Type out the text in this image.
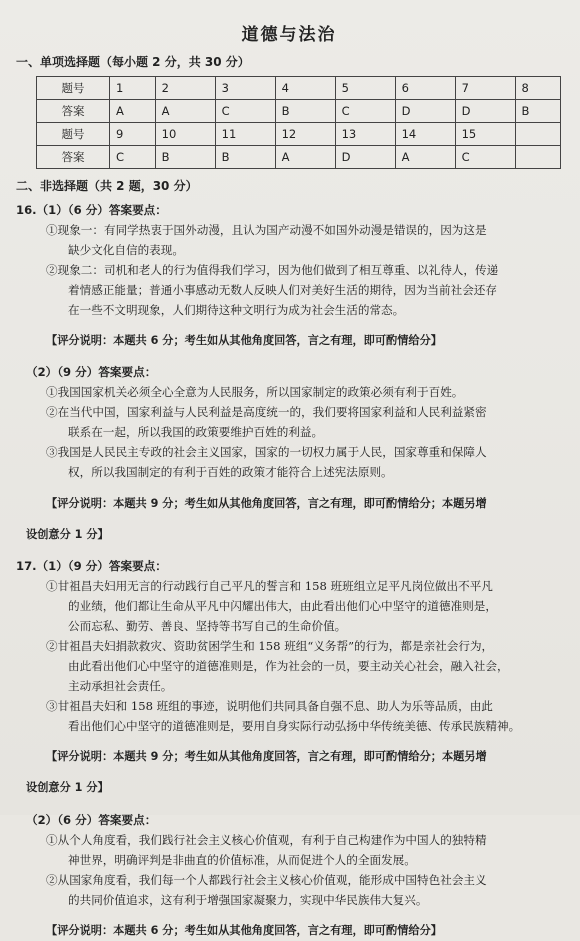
道德与法治
一、单项选择题（每小题 2 分，共 30 分）
题号	1	2	3	4	5	6	7	8
答案	A	A	C	B	C	D	D	B
题号	9	10	11	12	13	14	15	
答案	C	B	B	A	D	A	C	
二、非选择题（共 2 题，30 分）

16.（1）（6 分）答案要点：

①现象一：有同学热衷于国外动漫，且认为国产动漫不如国外动漫是错误的，因为这是

缺少文化自信的表现。

②现象二：司机和老人的行为值得我们学习，因为他们做到了相互尊重、以礼待人，传递

着情感正能量；普通小事感动无数人反映人们对美好生活的期待，因为当前社会还存

在一些不文明现象，人们期待这种文明行为成为社会生活的常态。

【评分说明：本题共 6 分；考生如从其他角度回答，言之有理，即可酌情给分】

（2）（9 分）答案要点：

①我国国家机关必须全心全意为人民服务，所以国家制定的政策必须有利于百姓。

②在当代中国，国家利益与人民利益是高度统一的，我们要将国家利益和人民利益紧密

联系在一起，所以我国的政策要维护百姓的利益。

③我国是人民民主专政的社会主义国家，国家的一切权力属于人民，国家尊重和保障人

权，所以我国制定的有利于百姓的政策才能符合上述宪法原则。

【评分说明：本题共 9 分；考生如从其他角度回答，言之有理，即可酌情给分；本题另增

设创意分 1 分】

17.（1）（9 分）答案要点：

①甘祖昌夫妇用无言的行动践行自己平凡的誓言和 158 班班组立足平凡岗位做出不平凡

的业绩，他们都让生命从平凡中闪耀出伟大，由此看出他们心中坚守的道德准则是，

公而忘私、勤劳、善良、坚持等书写自己的生命价值。

②甘祖昌夫妇捐款救灾、资助贫困学生和 158 班组“义务帮”的行为，都是亲社会行为，

由此看出他们心中坚守的道德准则是，作为社会的一员，要主动关心社会，融入社会，

主动承担社会责任。

③甘祖昌夫妇和 158 班组的事迹，说明他们共同具备自强不息、助人为乐等品质，由此

看出他们心中坚守的道德准则是，要用自身实际行动弘扬中华传统美德、传承民族精神。

【评分说明：本题共 9 分；考生如从其他角度回答，言之有理，即可酌情给分；本题另增

设创意分 1 分】

（2）（6 分）答案要点：

①从个人角度看，我们践行社会主义核心价值观，有利于自己构建作为中国人的独特精

神世界，明确评判是非曲直的价值标准，从而促进个人的全面发展。

②从国家角度看，我们每一个人都践行社会主义核心价值观，能形成中国特色社会主义

的共同价值追求，这有利于增强国家凝聚力，实现中华民族伟大复兴。

【评分说明：本题共 6 分；考生如从其他角度回答，言之有理，即可酌情给分】
